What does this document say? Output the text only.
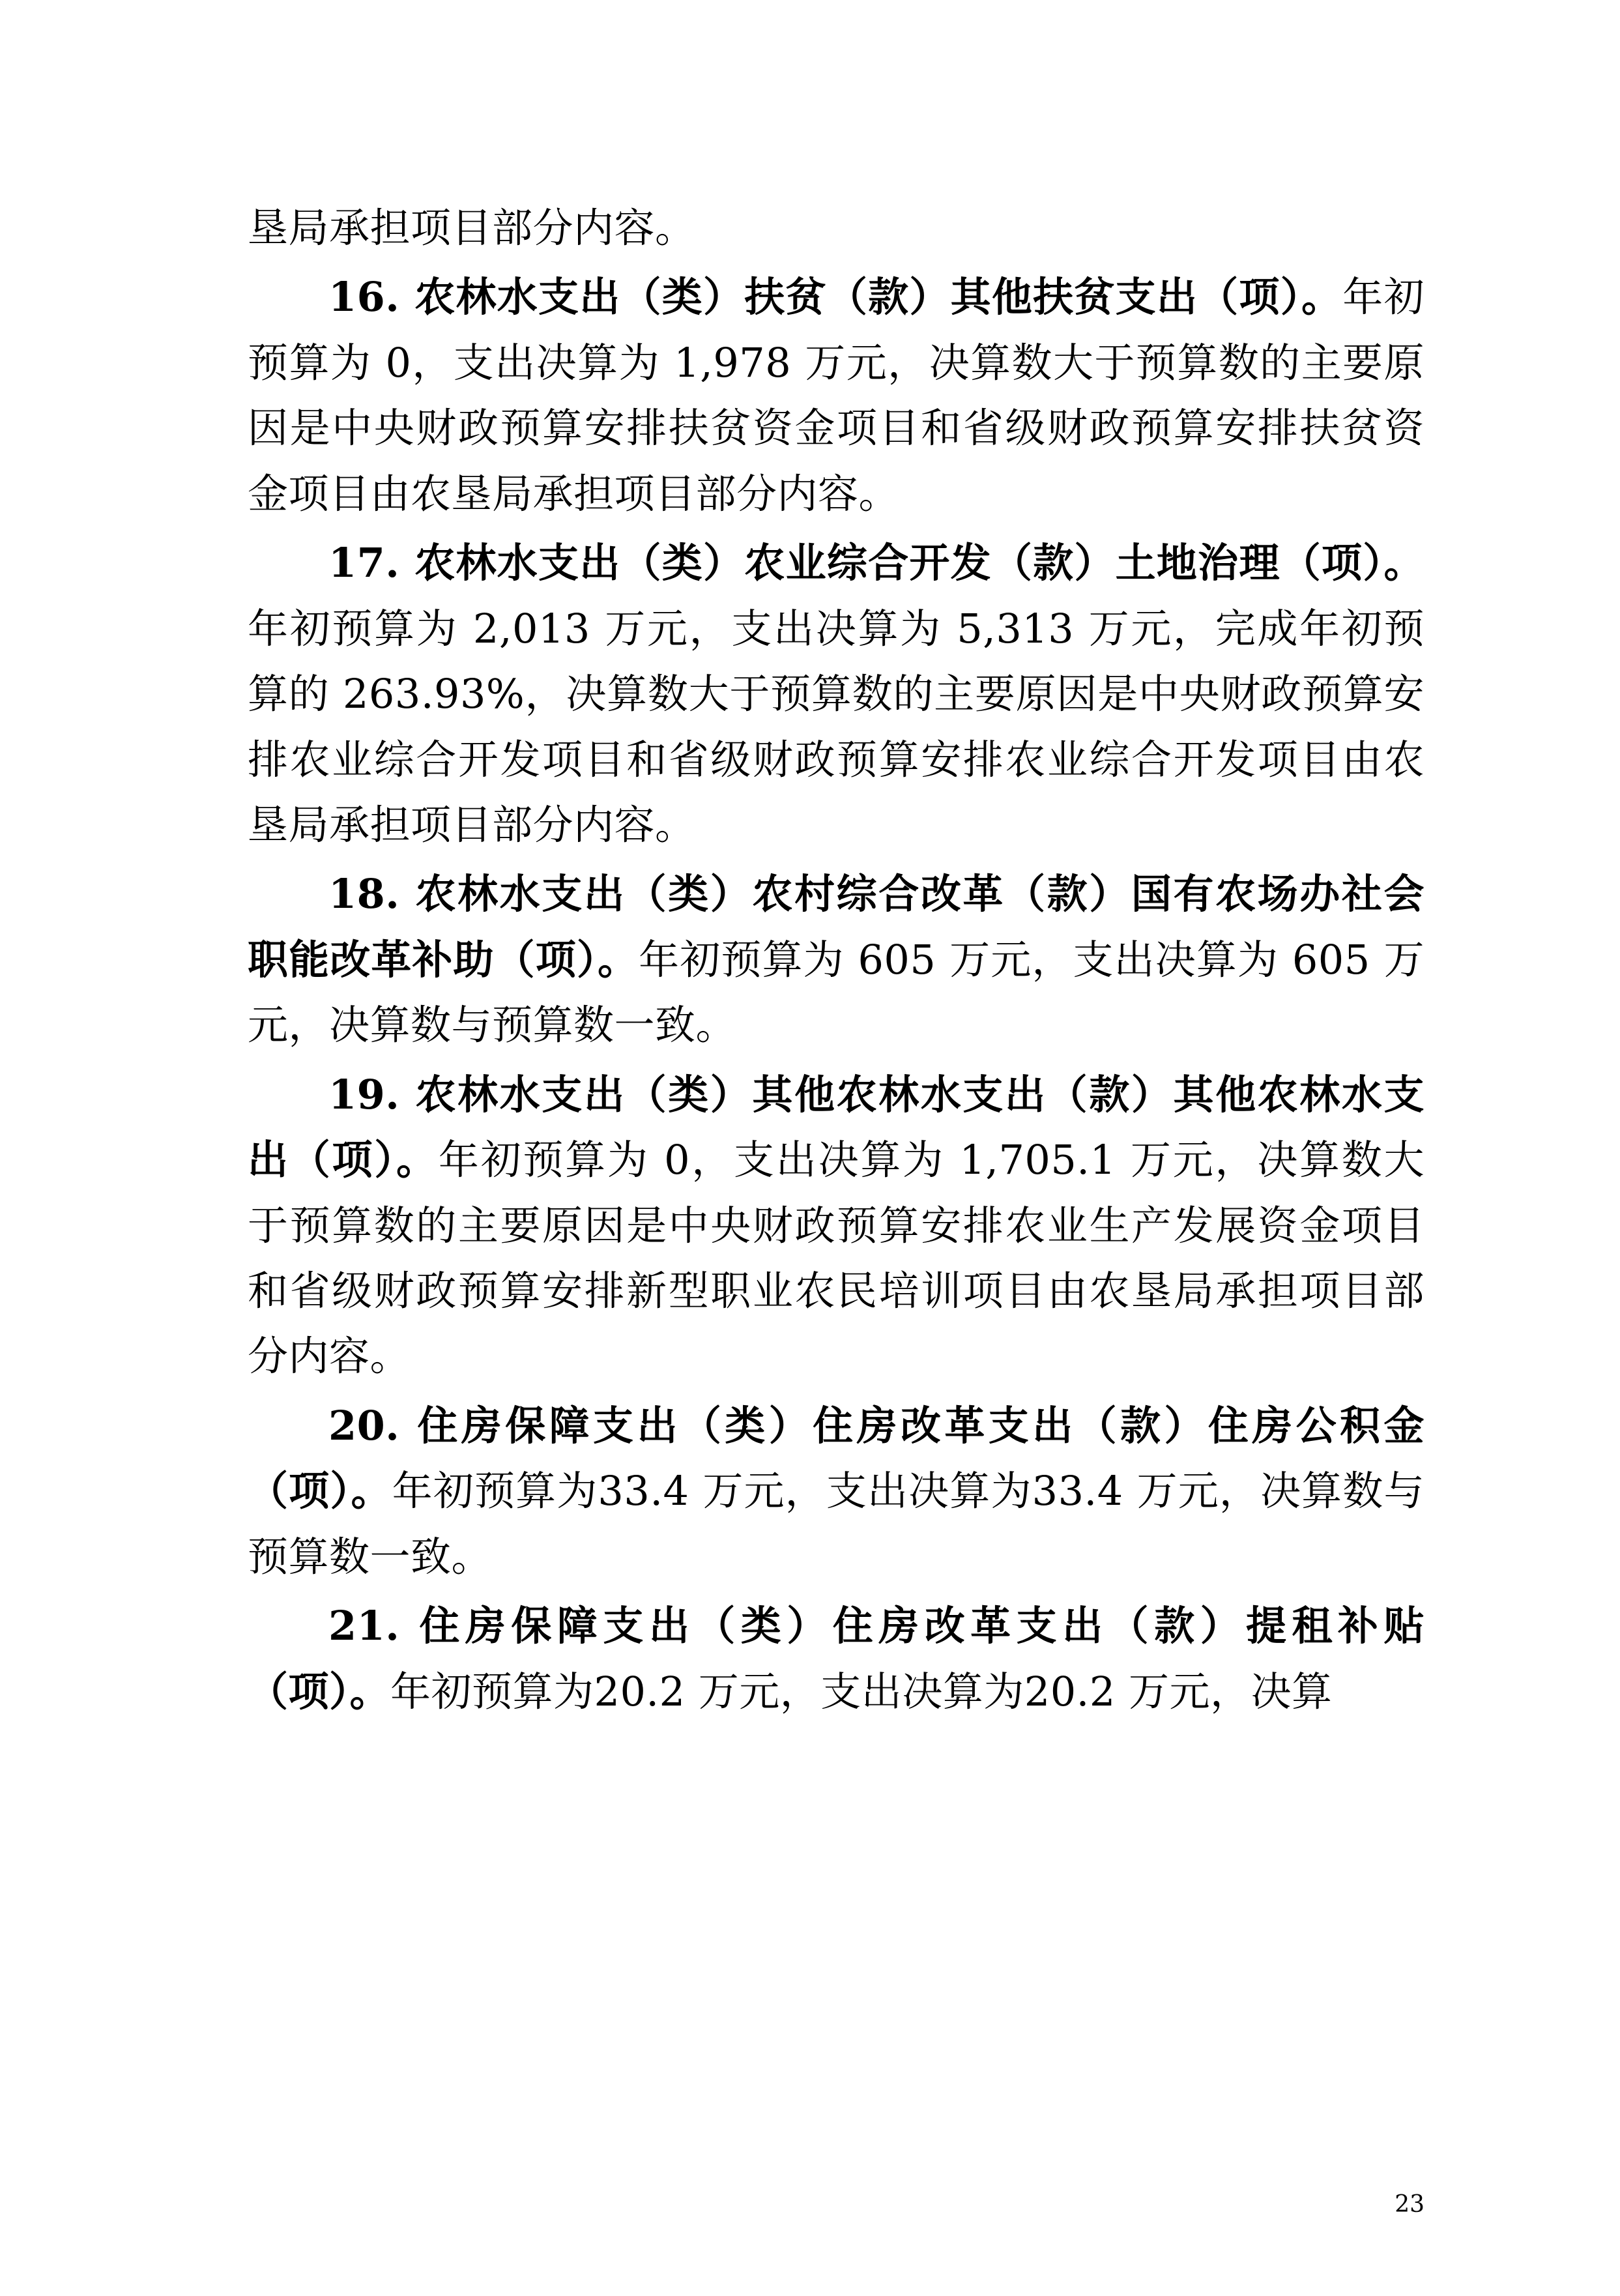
垦局承担项目部分内容。

16. 农林水支出（类）扶贫（款）其他扶贫支出（项）。年初预算为 0，支出决算为 1,978 万元，决算数大于预算数的主要原因是中央财政预算安排扶贫资金项目和省级财政预算安排扶贫资金项目由农垦局承担项目部分内容。

17. 农林水支出（类）农业综合开发（款）土地治理（项）。年初预算为 2,013 万元，支出决算为 5,313 万元，完成年初预算的 263.93%，决算数大于预算数的主要原因是中央财政预算安排农业综合开发项目和省级财政预算安排农业综合开发项目由农垦局承担项目部分内容。

18. 农林水支出（类）农村综合改革（款）国有农场办社会职能改革补助（项）。年初预算为 605 万元，支出决算为 605 万元，决算数与预算数一致。

19. 农林水支出（类）其他农林水支出（款）其他农林水支出（项）。年初预算为 0，支出决算为 1,705.1 万元，决算数大于预算数的主要原因是中央财政预算安排农业生产发展资金项目和省级财政预算安排新型职业农民培训项目由农垦局承担项目部分内容。

20. 住房保障支出（类）住房改革支出（款）住房公积金（项）。年初预算为33.4 万元，支出决算为33.4 万元，决算数与预算数一致。

21. 住房保障支出（类）住房改革支出（款）提租补贴（项）。年初预算为20.2 万元，支出决算为20.2 万元，决算

23
